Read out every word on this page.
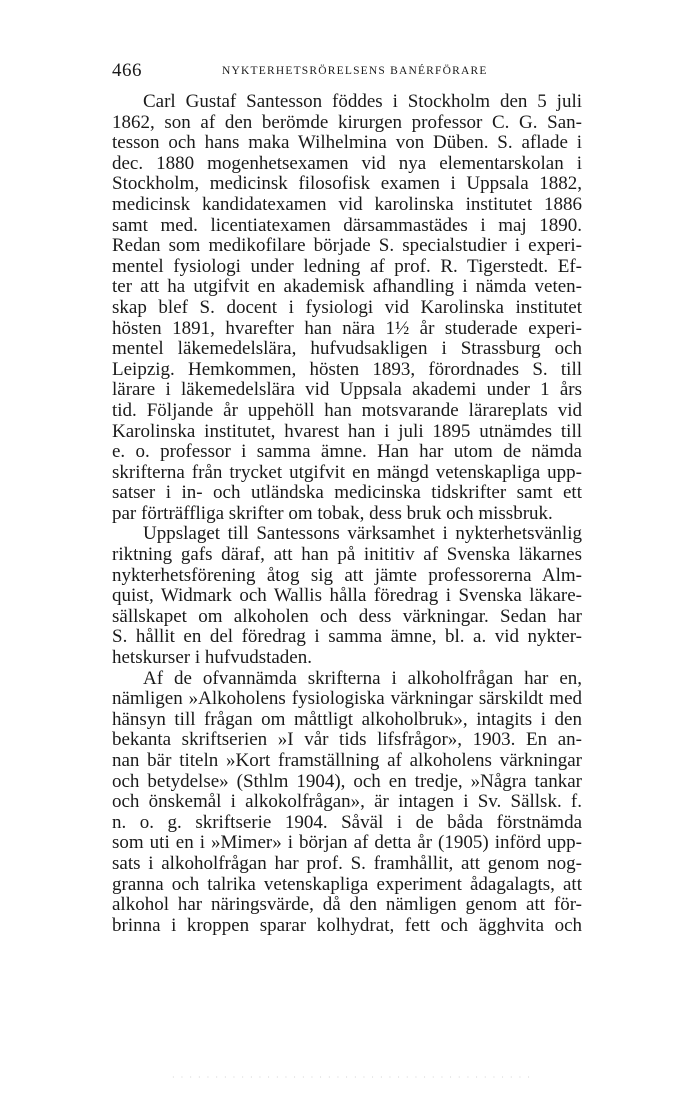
466	NYKTERHETSRÖRELSENS BANÉRFÖRARE
Carl Gustaf Santesson föddes i Stockholm den 5 juli
1862, son af den berömde kirurgen professor C. G. San-
tesson och hans maka Wilhelmina von Düben. S. aflade i
dec. 1880 mogenhetsexamen vid nya elementarskolan i
Stockholm, medicinsk filosofisk examen i Uppsala 1882,
medicinsk kandidatexamen vid karolinska institutet 1886
samt med. licentiatexamen därsammastädes i maj 1890.
Redan som medikofilare började S. specialstudier i experi-
mentel fysiologi under ledning af prof. R. Tigerstedt. Ef-
ter att ha utgifvit en akademisk afhandling i nämda veten-
skap blef S. docent i fysiologi vid Karolinska institutet
hösten 1891, hvarefter han nära 1½ år studerade experi-
mentel läkemedelslära, hufvudsakligen i Strassburg och
Leipzig. Hemkommen, hösten 1893, förordnades S. till
lärare i läkemedelslära vid Uppsala akademi under 1 års
tid. Följande år uppehöll han motsvarande lärareplats vid
Karolinska institutet, hvarest han i juli 1895 utnämdes till
e. o. professor i samma ämne. Han har utom de nämda
skrifterna från trycket utgifvit en mängd vetenskapliga upp-
satser i in- och utländska medicinska tidskrifter samt ett
par förträffliga skrifter om tobak, dess bruk och missbruk.
Uppslaget till Santessons värksamhet i nykterhetsvänlig
riktning gafs däraf, att han på inititiv af Svenska läkarnes
nykterhetsförening åtog sig att jämte professorerna Alm-
quist, Widmark och Wallis hålla föredrag i Svenska läkare-
sällskapet om alkoholen och dess värkningar. Sedan har
S. hållit en del föredrag i samma ämne, bl. a. vid nykter-
hetskurser i hufvudstaden.
Af de ofvannämda skrifterna i alkoholfrågan har en,
nämligen »Alkoholens fysiologiska värkningar särskildt med
hänsyn till frågan om måttligt alkoholbruk», intagits i den
bekanta skriftserien »I vår tids lifsfrågor», 1903. En an-
nan bär titeln »Kort framställning af alkoholens värkningar
och betydelse» (Sthlm 1904), och en tredje, »Några tankar
och önskemål i alkokolfrågan», är intagen i Sv. Sällsk. f.
n. o. g. skriftserie 1904. Såväl i de båda förstnämda
som uti en i »Mimer» i början af detta år (1905) införd upp-
sats i alkoholfrågan har prof. S. framhållit, att genom nog-
granna och talrika vetenskapliga experiment ådagalagts, att
alkohol har näringsvärde, då den nämligen genom att för-
brinna i kroppen sparar kolhydrat, fett och ägghvita och
· · · · · · · · · · · · · · · · · · · · · · · · · · · · · · · · · · · · · · · · · ·
